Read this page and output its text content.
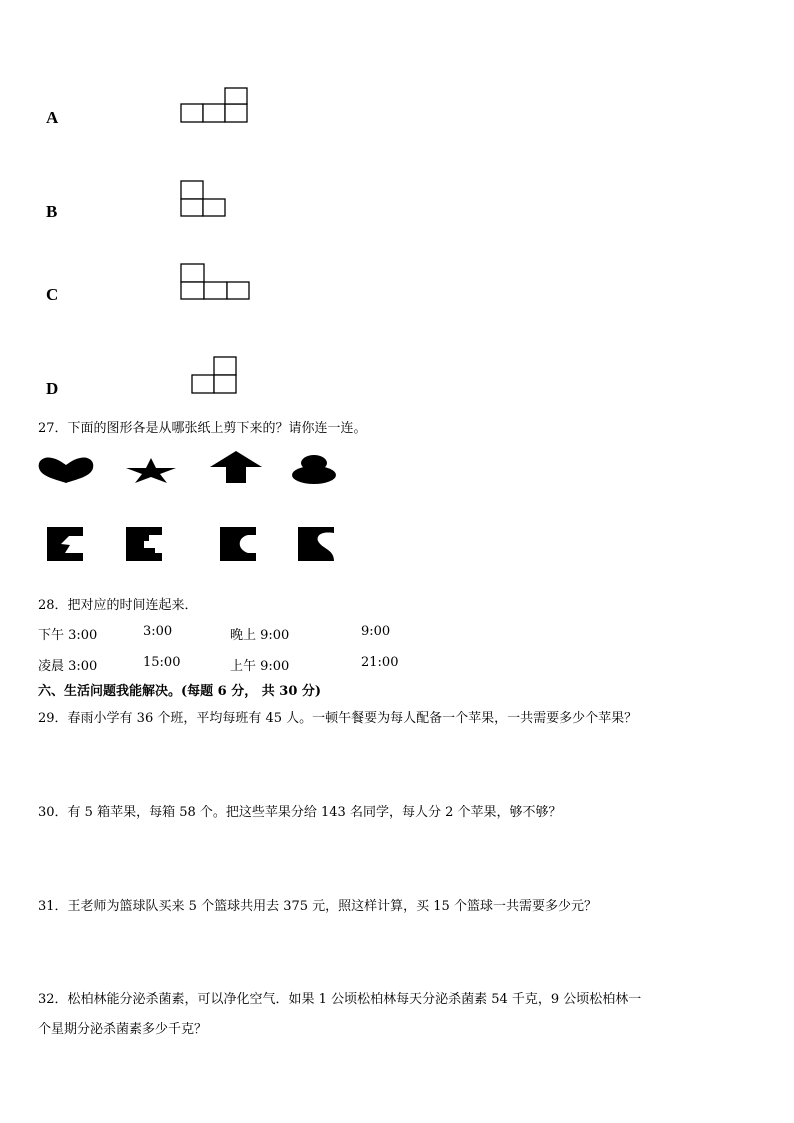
A
B
C
D
27．下面的图形各是从哪张纸上剪下来的？请你连一连。
28．把对应的时间连起来．
下午 3:00	3:00	晚上 9:00	9:00
凌晨 3:00	15:00	上午 9:00	21:00
六、生活问题我能解决。(每题 6 分， 共 30 分)
29．春雨小学有 36 个班，平均每班有 45 人。一顿午餐要为每人配备一个苹果，一共需要多少个苹果？
30．有 5 箱苹果，每箱 58 个。把这些苹果分给 143 名同学，每人分 2 个苹果，够不够？
31．王老师为篮球队买来 5 个篮球共用去 375 元，照这样计算，买 15 个篮球一共需要多少元？
32．松柏林能分泌杀菌素，可以净化空气．如果 1 公顷松柏林每天分泌杀菌素 54 千克，9 公顷松柏林一
个星期分泌杀菌素多少千克？
